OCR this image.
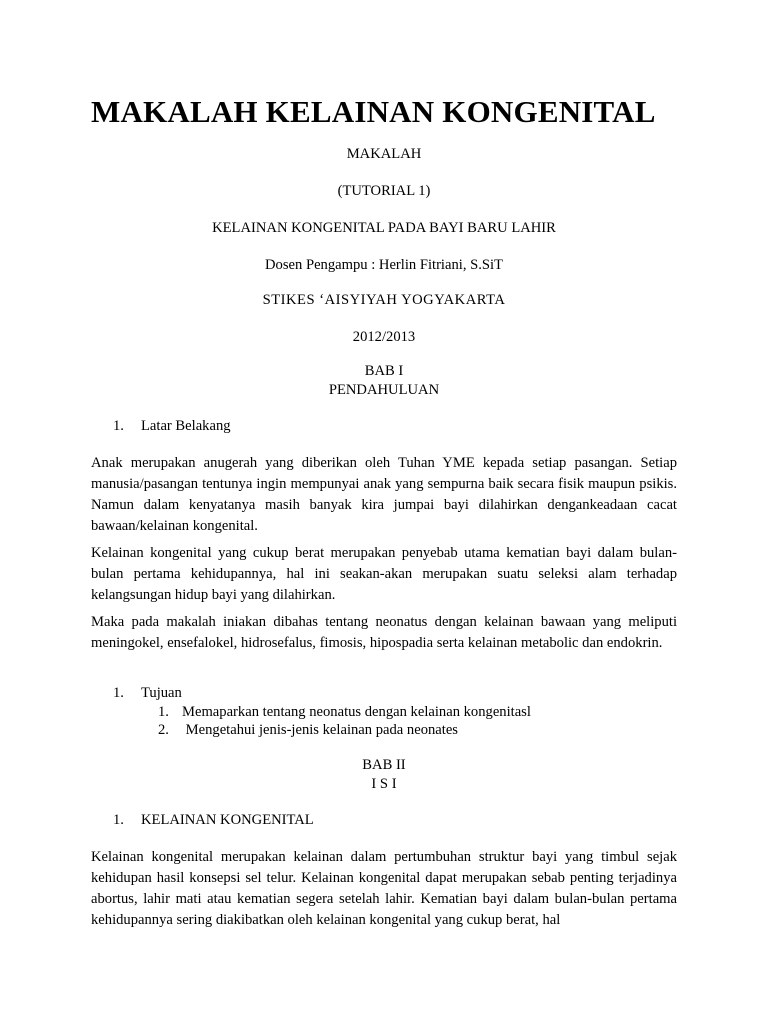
MAKALAH KELAINAN KONGENITAL

MAKALAH

(TUTORIAL 1)

KELAINAN KONGENITAL PADA BAYI BARU LAHIR

Dosen Pengampu : Herlin Fitriani, S.SiT

STIKES ‘AISYIYAH YOGYAKARTA

2012/2013

BAB I

PENDAHULUAN

1. Latar Belakang

Anak merupakan anugerah yang diberikan oleh Tuhan YME kepada setiap pasangan. Setiap manusia/pasangan tentunya ingin mempunyai anak yang sempurna baik secara fisik maupun psikis. Namun dalam kenyatanya masih banyak kira jumpai bayi dilahirkan dengankeadaan cacat bawaan/kelainan kongenital.

Kelainan kongenital yang cukup berat merupakan penyebab utama kematian bayi dalam bulan-bulan pertama kehidupannya, hal ini seakan-akan merupakan suatu seleksi alam terhadap kelangsungan hidup bayi yang dilahirkan.

Maka pada makalah iniakan dibahas tentang neonatus dengan kelainan bawaan yang meliputi meningokel, ensefalokel, hidrosefalus, fimosis, hipospadia serta kelainan metabolic dan endokrin.

1. Tujuan

1. Memaparkan tentang neonatus dengan kelainan kongenitasl

2. Mengetahui jenis-jenis kelainan pada neonates

BAB II

I S I

1. KELAINAN KONGENITAL

Kelainan kongenital merupakan kelainan dalam pertumbuhan struktur bayi yang timbul sejak kehidupan hasil konsepsi sel telur. Kelainan kongenital dapat merupakan sebab penting terjadinya abortus, lahir mati atau kematian segera setelah lahir. Kematian bayi dalam bulan-bulan pertama kehidupannya sering diakibatkan oleh kelainan kongenital yang cukup berat, hal
